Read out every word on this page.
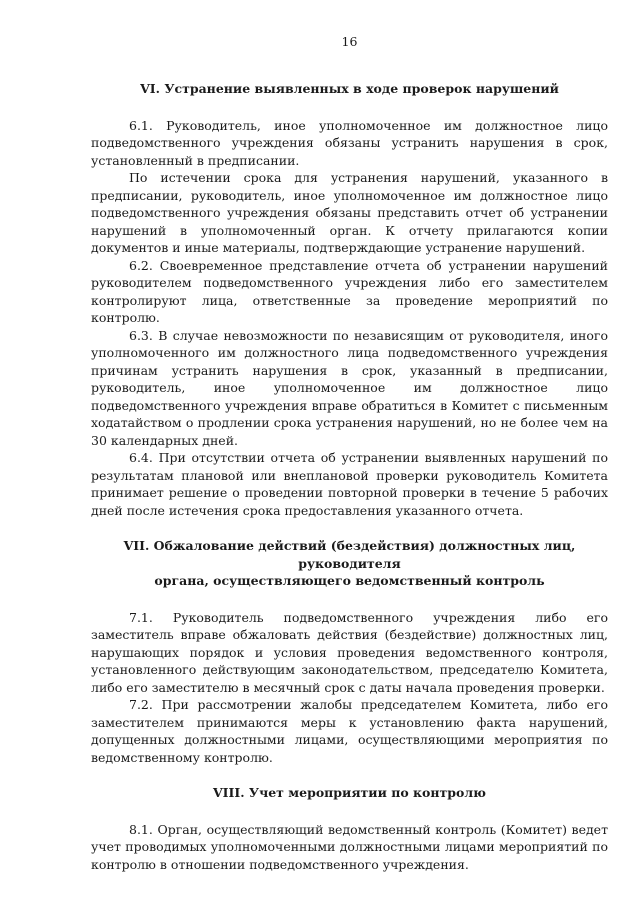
16
VI. Устранение выявленных в ходе проверок нарушений

6.1. Руководитель, иное уполномоченное им должностное лицо подведомственного учреждения обязаны устранить нарушения в срок, установленный в предписании.

По истечении срока для устранения нарушений, указанного в предписании, руководитель, иное уполномоченное им должностное лицо подведомственного учреждения обязаны представить отчет об устранении нарушений в уполномоченный орган. К отчету прилагаются копии документов и иные материалы, подтверждающие устранение нарушений.

6.2. Своевременное представление отчета об устранении нарушений руководителем подведомственного учреждения либо его заместителем контролируют лица, ответственные за проведение мероприятий по контролю.

6.3. В случае невозможности по независящим от руководителя, иного уполномоченного им должностного лица подведомственного учреждения причинам устранить нарушения в срок, указанный в предписании, руководитель, иное уполномоченное им должностное лицо подведомственного учреждения вправе обратиться в Комитет с письменным ходатайством о продлении срока устранения нарушений, но не более чем на 30 календарных дней.

6.4. При отсутствии отчета об устранении выявленных нарушений по результатам плановой или внеплановой проверки руководитель Комитета принимает решение о проведении повторной проверки в течение 5 рабочих дней после истечения срока предоставления указанного отчета.

VII. Обжалование действий (бездействия) должностных лиц, руководителя
органа, осуществляющего ведомственный контроль

7.1. Руководитель подведомственного учреждения либо его заместитель вправе обжаловать действия (бездействие) должностных лиц, нарушающих порядок и условия проведения ведомственного контроля, установленного действующим законодательством, председателю Комитета, либо его заместителю в месячный срок с даты начала проведения проверки.

7.2. При рассмотрении жалобы председателем Комитета, либо его заместителем принимаются меры к установлению факта нарушений, допущенных должностными лицами, осуществляющими мероприятия по ведомственному контролю.

VIII. Учет мероприятии по контролю

8.1. Орган, осуществляющий ведомственный контроль (Комитет) ведет учет проводимых уполномоченными должностными лицами мероприятий по контролю в отношении подведомственного учреждения.
